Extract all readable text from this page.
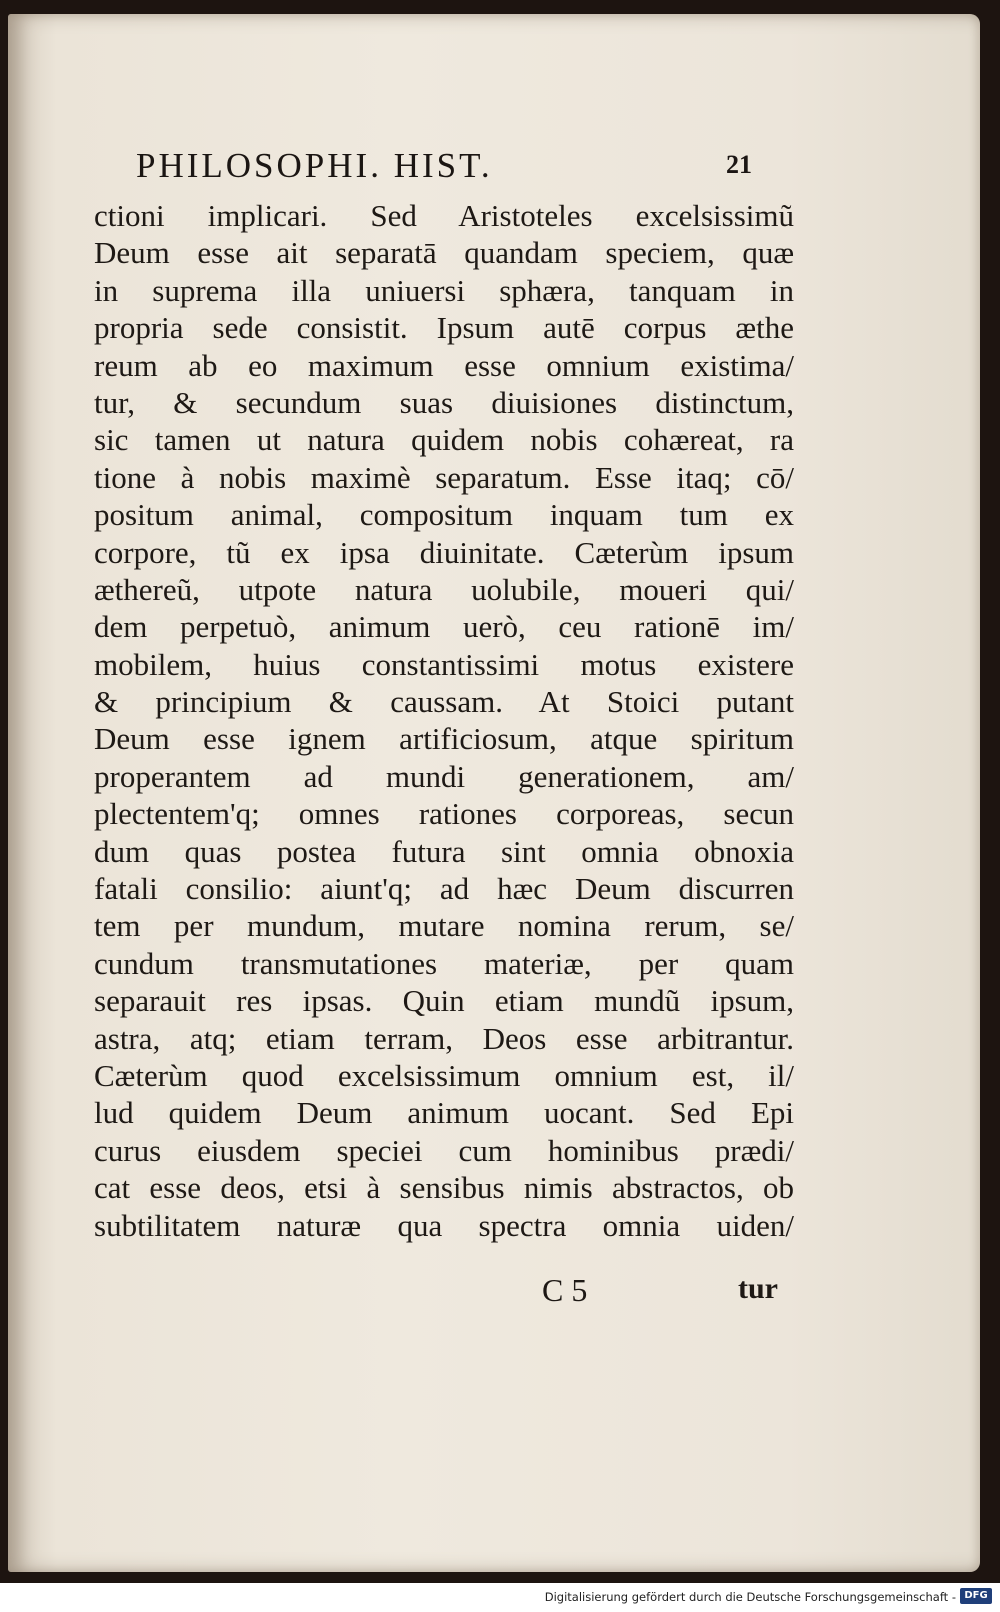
PHILOSOPHI. HIST.	21
ctioni implicari. Sed Aristoteles excelsissimũ
Deum esse ait separatā quandam speciem, quæ
in suprema illa uniuersi sphæra, tanquam in
propria sede consistit. Ipsum autē corpus æthe
reum ab eo maximum esse omnium existima/
tur, & secundum suas diuisiones distinctum,
sic tamen ut natura quidem nobis cohæreat, ra
tione à nobis maximè separatum. Esse itaq; cō/
positum animal, compositum inquam tum ex
corpore, tũ ex ipsa diuinitate. Cæterùm ipsum
æthereũ, utpote natura uolubile, moueri qui/
dem perpetuò, animum uerò, ceu rationē im/
mobilem, huius constantissimi motus existere
& principium & caussam. At Stoici putant
Deum esse ignem artificiosum, atque spiritum
properantem ad mundi generationem, am/
plectentem'q; omnes rationes corporeas, secun
dum quas postea futura sint omnia obnoxia
fatali consilio: aiunt'q; ad hæc Deum discurren
tem per mundum, mutare nomina rerum, se/
cundum transmutationes materiæ, per quam
separauit res ipsas. Quin etiam mundũ ipsum,
astra, atq; etiam terram, Deos esse arbitrantur.
Cæterùm quod excelsissimum omnium est, il/
lud quidem Deum animum uocant. Sed Epi
curus eiusdem speciei cum hominibus prædi/
cat esse deos, etsi à sensibus nimis abstractos, ob
subtilitatem naturæ qua spectra omnia uiden/
C 5	tur
Digitalisierung gefördert durch die Deutsche Forschungsgemeinschaft - DFG
